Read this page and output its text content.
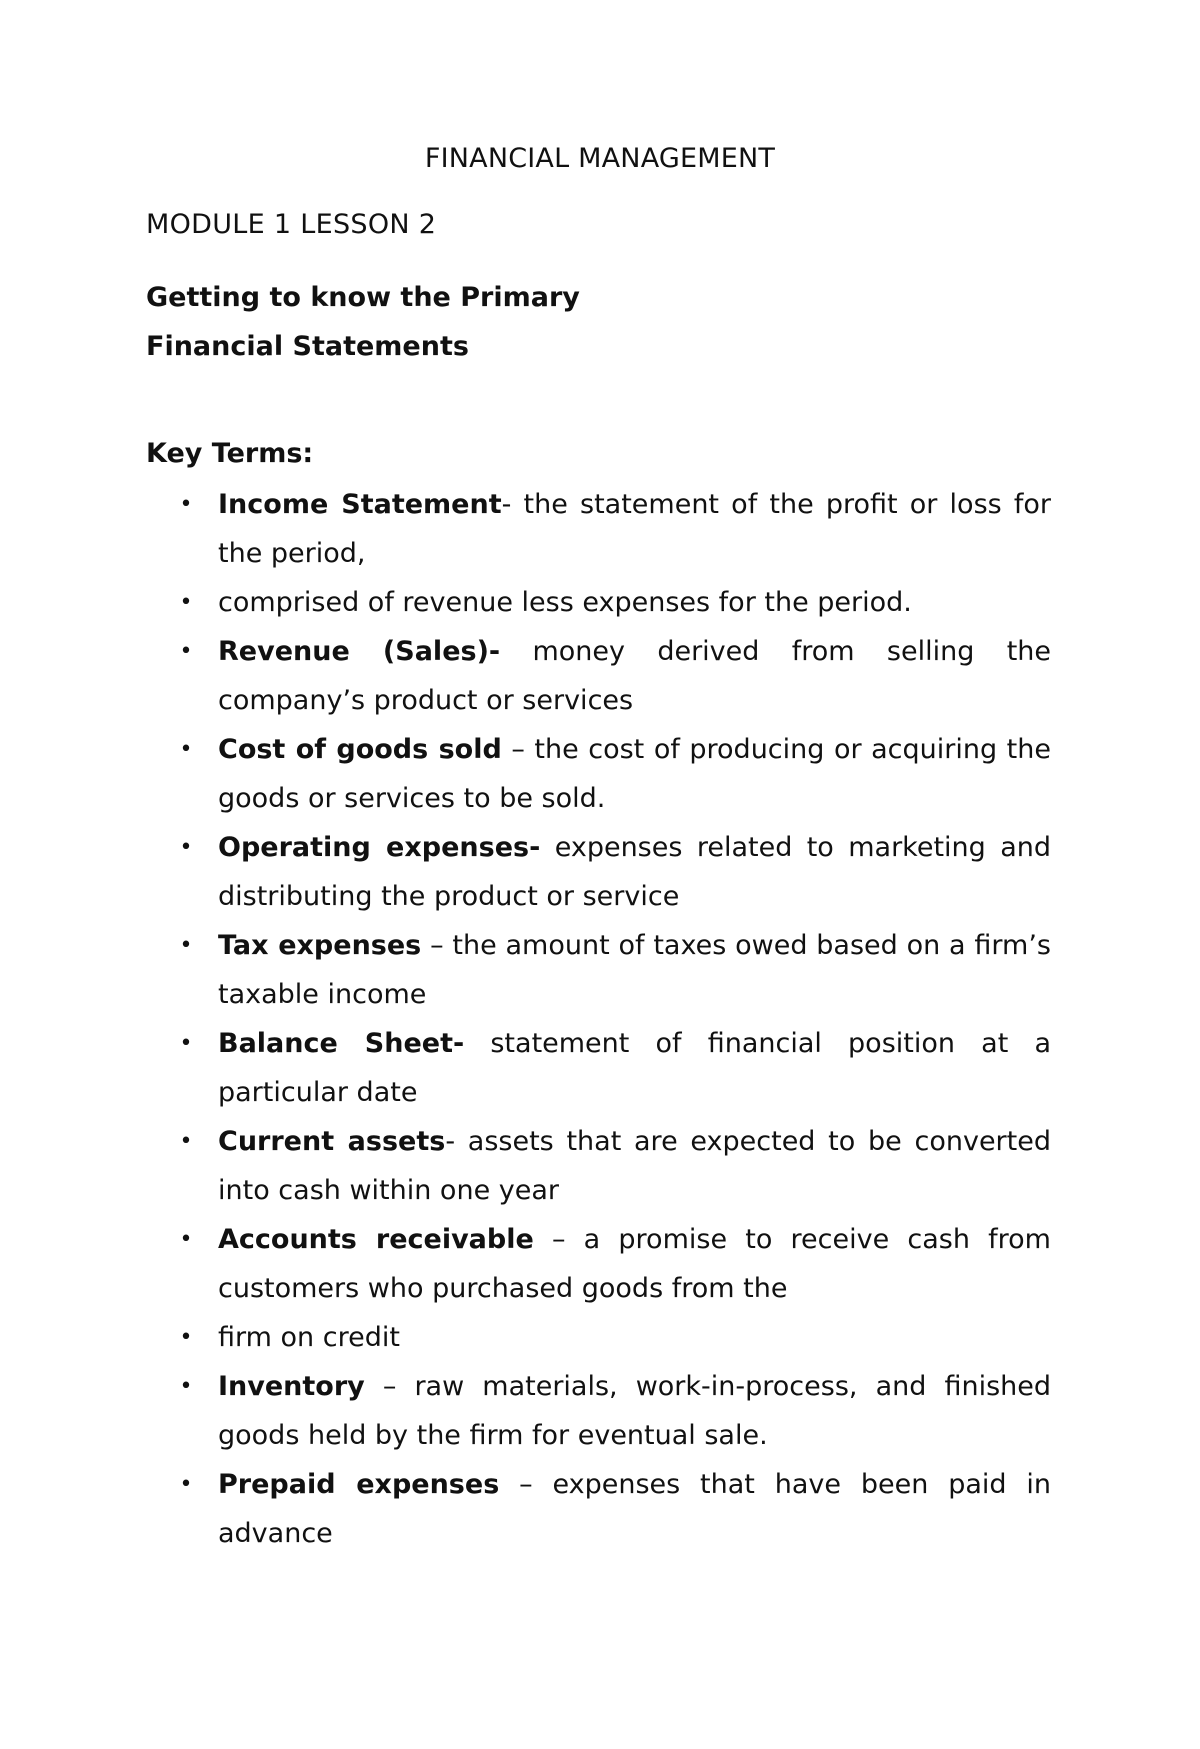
FINANCIAL MANAGEMENT
MODULE 1 LESSON 2
Getting to know the Primary
Financial Statements
Key Terms:
• Income Statement- the statement of the profit or loss for the period,
• comprised of revenue less expenses for the period.
• Revenue (Sales)- money derived from selling the company’s product or services
• Cost of goods sold – the cost of producing or acquiring the goods or services to be sold.
• Operating expenses- expenses related to marketing and distributing the product or service
• Tax expenses – the amount of taxes owed based on a firm’s taxable income
• Balance Sheet- statement of financial position at a particular date
• Current assets- assets that are expected to be converted into cash within one year
• Accounts receivable – a promise to receive cash from customers who purchased goods from the
• firm on credit
• Inventory – raw materials, work-in-process, and finished goods held by the firm for eventual sale.
• Prepaid expenses – expenses that have been paid in advance
